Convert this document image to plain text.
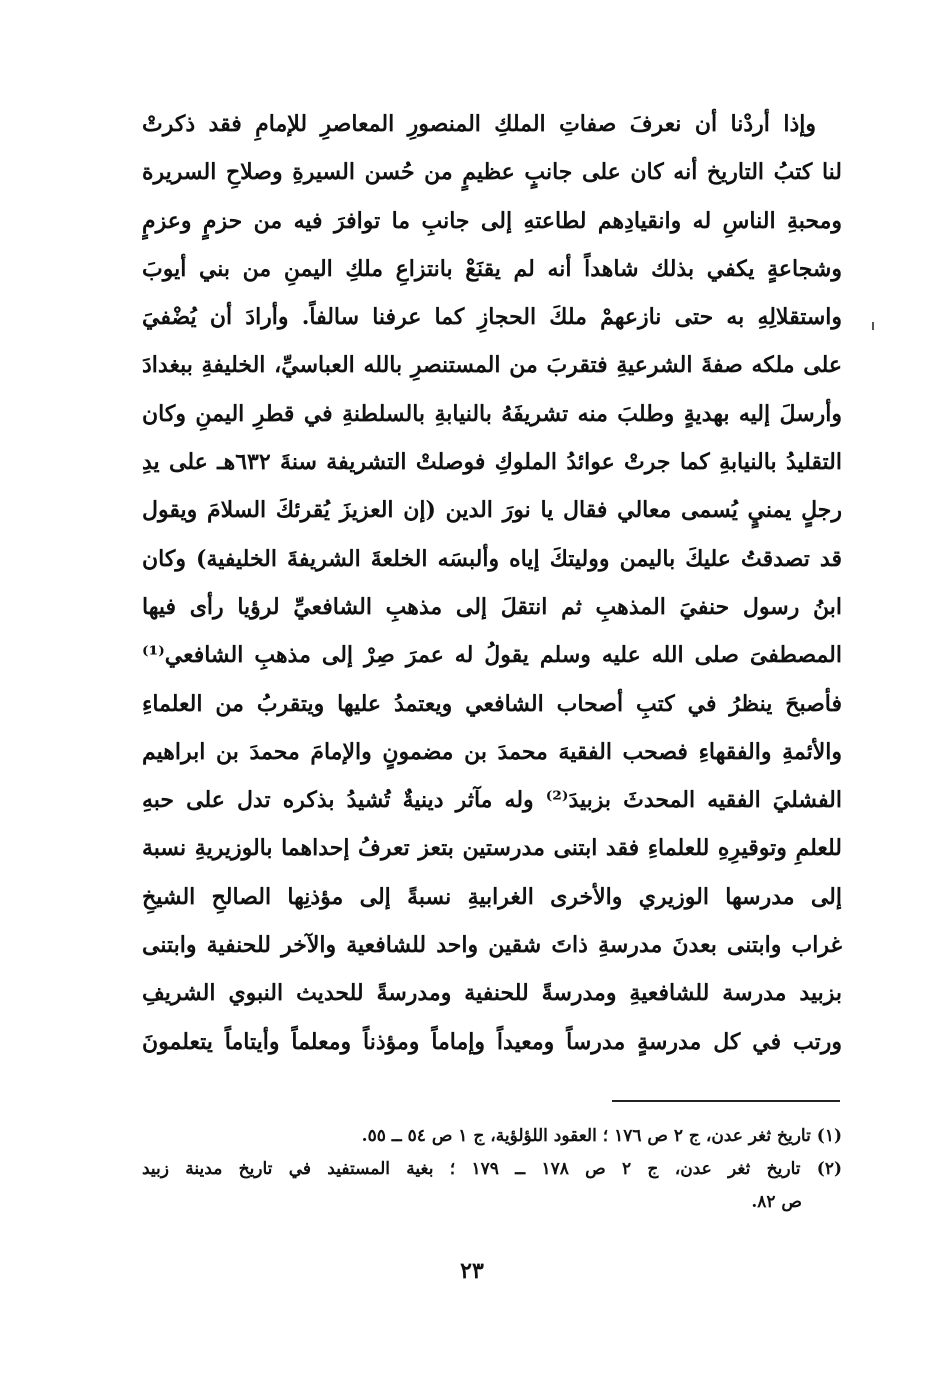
وإذا أردْنا أن نعرفَ صفاتِ الملكِ المنصورِ المعاصرِ للإمامِ فقد ذكرتْ
لنا كتبُ التاريخ أنه كان على جانبٍ عظيمٍ من حُسن السيرةِ وصلاحِ السريرة
ومحبةِ الناسِ له وانقيادِهم لطاعتهِ إلى جانبِ ما توافرَ فيه من حزمٍ وعزمٍ
وشجاعةٍ يكفي بذلك شاهداً أنه لم يقنَعْ بانتزاعِ ملكِ اليمنِ من بني أيوبَ
واستقلالِهِ به حتى نازعهمْ ملكَ الحجازِ كما عرفنا سالفاً. وأرادَ أن يُضْفيَ
على ملكه صفةَ الشرعيةِ فتقربَ من المستنصرِ بالله العباسيِّ، الخليفةِ ببغدادَ
وأرسلَ إليه بهديةٍ وطلبَ منه تشريفَهُ بالنيابةِ بالسلطنةِ في قطرِ اليمنِ وكان
التقليدُ بالنيابةِ كما جرتْ عوائدُ الملوكِ فوصلتْ التشريفة سنةَ ٦٣٢هـ على يدِ
رجلٍ يمنيٍ يُسمى معالي فقال يا نورَ الدين (إن العزيزَ يُقرئكَ السلامَ ويقول
قد تصدقتُ عليكَ باليمن ووليتكَ إياه وألبسَه الخلعةَ الشريفةَ الخليفية) وكان
ابنُ رسول حنفيَ المذهبِ ثم انتقلَ إلى مذهبِ الشافعيِّ لرؤيا رأى فيها
المصطفىَ صلى الله عليه وسلم يقولُ له عمرَ صِرْ إلى مذهبِ الشافعي⁽¹⁾
فأصبحَ ينظرُ في كتبِ أصحاب الشافعي ويعتمدُ عليها ويتقربُ من العلماءِ
والأئمةِ والفقهاءِ فصحب الفقيهَ محمدَ بن مضمونٍ والإمامَ محمدَ بن ابراهيم
الفشليَ الفقيه المحدثَ بزبيدَ⁽²⁾ وله مآثر دينيةٌ تُشيدُ بذكره تدل على حبهِ
للعلمِ وتوقيرِهِ للعلماءِ فقد ابتنى مدرستين بتعز تعرفُ إحداهما بالوزيريةِ نسبة
إلى مدرسها الوزيري والأخرى الغرابيةِ نسبةً إلى مؤذنِها الصالحِ الشيخِ
غراب وابتنى بعدنَ مدرسةِ ذاتَ شقين واحد للشافعية والآخر للحنفية وابتنى
بزبيد مدرسة للشافعيةِ ومدرسةً للحنفية ومدرسةً للحديث النبوي الشريفِ
ورتب في كل مدرسةٍ مدرساً ومعيداً وإماماً ومؤذناً ومعلماً وأيتاماً يتعلمونَ
(١) تاريخ ثغر عدن، ج ٢ ص ١٧٦ ؛ العقود اللؤلؤية، ج ١ ص ٥٤ ــ ٥٥.
(٢) تاريخ ثغر عدن، ج ٢ ص ١٧٨ ــ ١٧٩ ؛ بغية المستفيد في تاريخ مدينة زبيد
ص ٨٢.
٢٣
